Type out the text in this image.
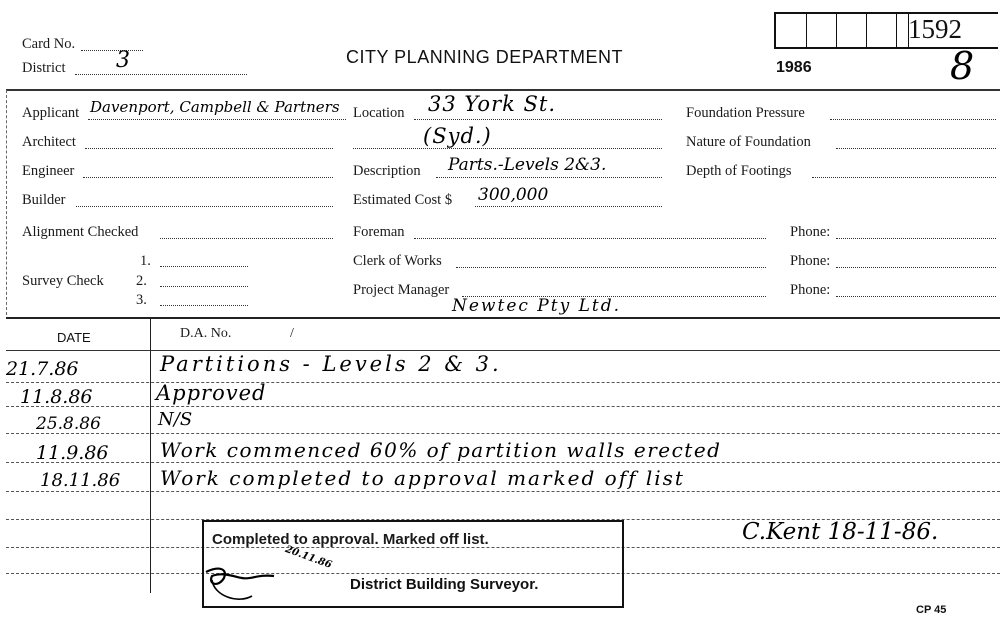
Card No.
District 3	CITY PLANNING DEPARTMENT
1986
1592
8
Applicant Davenport, Campbell & Partners
Architect
Engineer
Builder
Alignment Checked
Survey Check
1.
2.
3.
Location 33 York St.
(Syd.)
Description Parts.-Levels 2&3.
Estimated Cost $ 300,000
Foreman
Clerk of Works
Project Manager
Newtec Pty Ltd.
Foundation Pressure
Nature of Foundation
Depth of Footings
Phone:
Phone:
Phone:
DATE	D.A. No.	/
21.7.86	Partitions - Levels 2 & 3.
11.8.86	Approved
25.8.86	N/S
11.9.86	Work commenced 60% of partition walls erected
18.11.86 Work completed to approval marked off list
C.Kent 18-11-86.
Completed to approval. Marked off list.
20.11.86
District Building Surveyor.
CP 45
